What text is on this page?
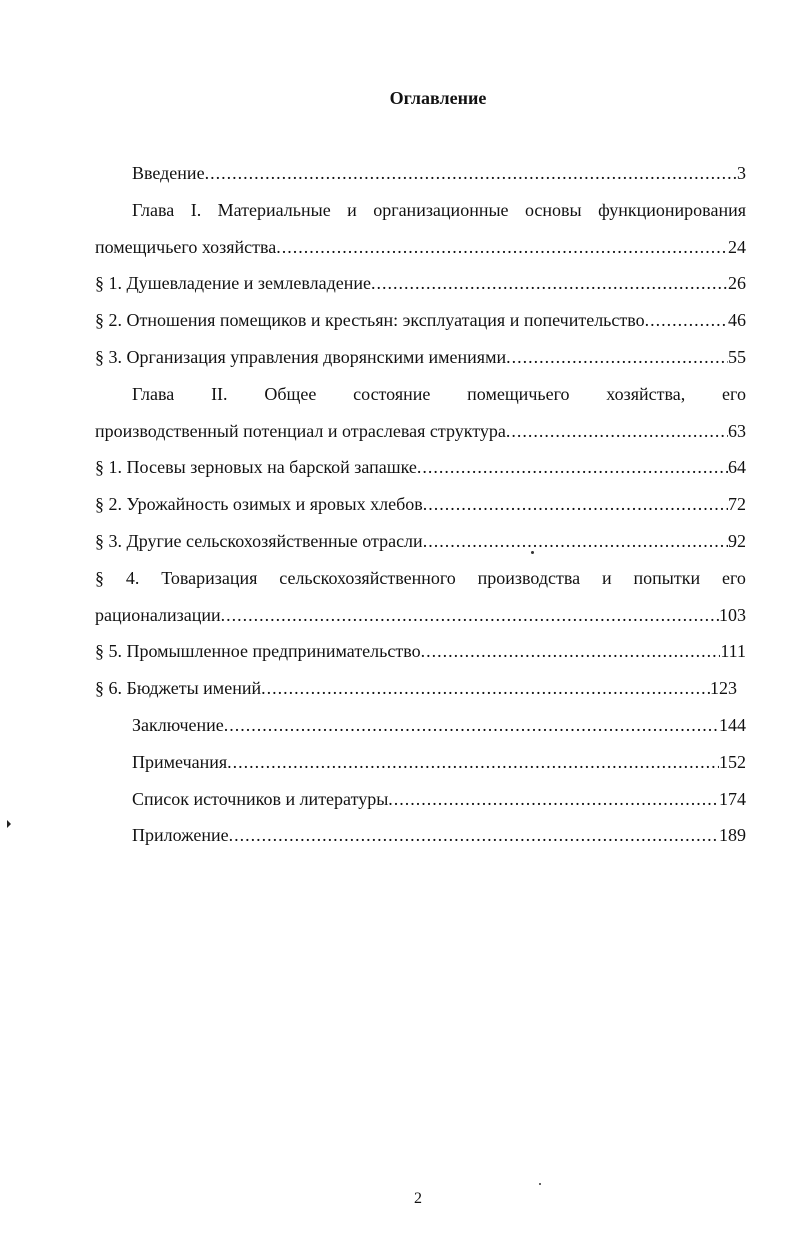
Оглавление
Введение .....	3
Глава I. Материальные и организационные основы функционирования
помещичьего хозяйства .....	24
§ 1. Душевладение и землевладение .....	26
§ 2. Отношения помещиков и крестьян: эксплуатация и попечительство .....	46
§ 3. Организация управления дворянскими имениями .....	55
Глава II. Общее состояние помещичьего хозяйства, его
производственный потенциал и отраслевая структура .....	63
§ 1. Посевы зерновых на барской запашке .....	64
§ 2. Урожайность озимых и яровых хлебов .....	72
§ 3. Другие сельскохозяйственные отрасли .....	92
§ 4. Товаризация сельскохозяйственного производства и попытки его
рационализации .....	103
§ 5. Промышленное предпринимательство .....	111
§ 6. Бюджеты имений .....	123
Заключение .....	144
Примечания .....	152
Список источников и литературы .....	174
Приложение .....	189
2
